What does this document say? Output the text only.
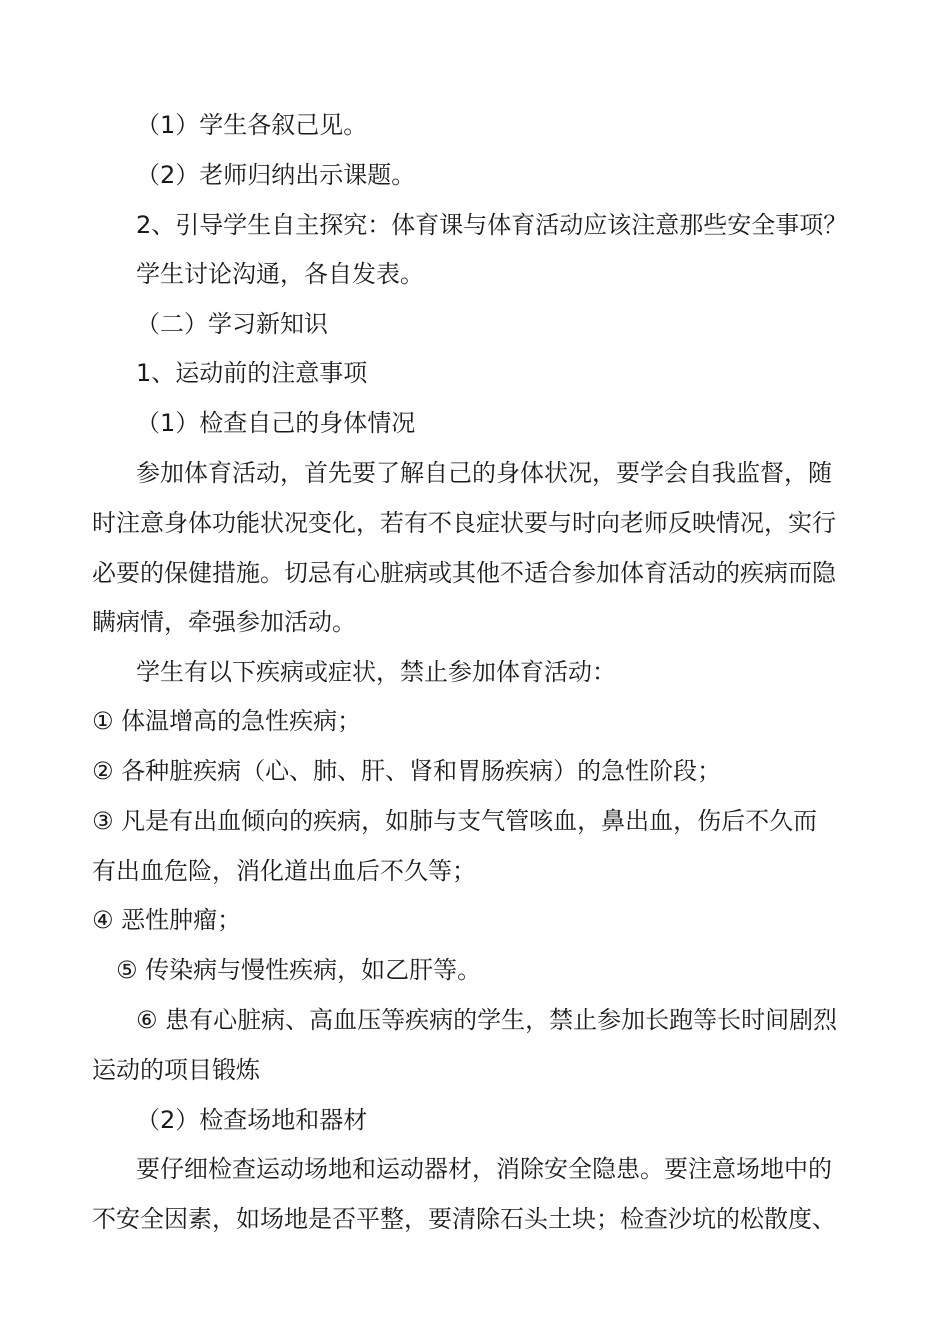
（1）学生各叙己见。
（2）老师归纳出示课题。
2、引导学生自主探究：体育课与体育活动应该注意那些安全事项？
学生讨论沟通，各自发表。
（二）学习新知识
1、运动前的注意事项
（1）检查自己的身体情况
参加体育活动，首先要了解自己的身体状况，要学会自我监督，随
时注意身体功能状况变化，若有不良症状要与时向老师反映情况，实行
必要的保健措施。切忌有心脏病或其他不适合参加体育活动的疾病而隐
瞒病情，牵强参加活动。
学生有以下疾病或症状，禁止参加体育活动：
① 体温增高的急性疾病；
② 各种脏疾病（心、肺、肝、肾和胃肠疾病）的急性阶段；
③ 凡是有出血倾向的疾病，如肺与支气管咳血，鼻出血，伤后不久而
有出血危险，消化道出血后不久等；
④ 恶性肿瘤；
⑤ 传染病与慢性疾病，如乙肝等。
⑥ 患有心脏病、高血压等疾病的学生，禁止参加长跑等长时间剧烈
运动的项目锻炼
（2）检查场地和器材
要仔细检查运动场地和运动器材，消除安全隐患。要注意场地中的
不安全因素，如场地是否平整，要清除石头土块；检查沙坑的松散度、
